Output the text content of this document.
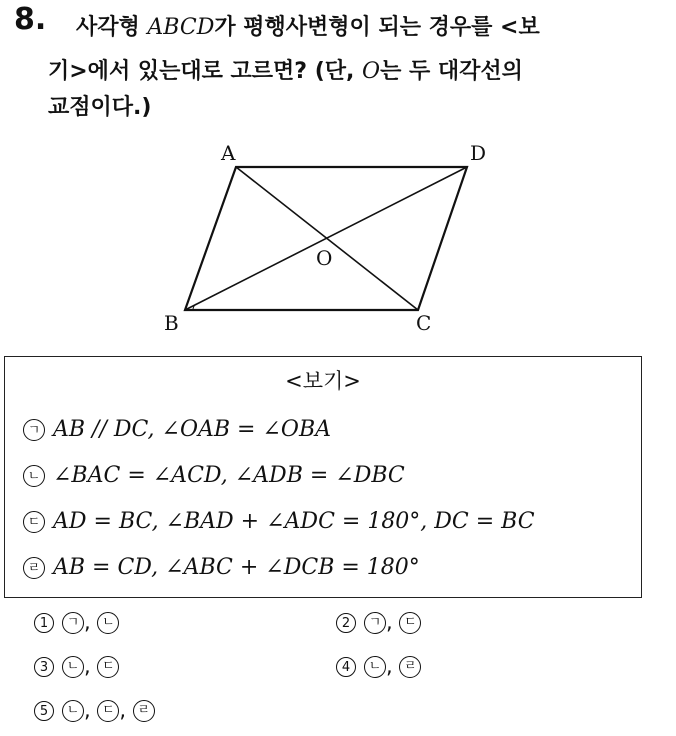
8. 사각형 ABCD가 평행사변형이 되는 경우를 <보
기>에서 있는대로 고르면? (단, O는 두 대각선의
교점이다.)
A	D
B	C
O
<보기>
ㄱ AB // DC, ∠OAB = ∠OBA
ㄴ ∠BAC = ∠ACD, ∠ADB = ∠DBC
ㄷ AD = BC, ∠BAD + ∠ADC = 180°, DC = BC
ㄹ AB = CD, ∠ABC + ∠DCB = 180°
1 ㄱ , ㄴ	2 ㄱ , ㄷ
3 ㄴ , ㄷ	4 ㄴ , ㄹ
5 ㄴ , ㄷ , ㄹ
